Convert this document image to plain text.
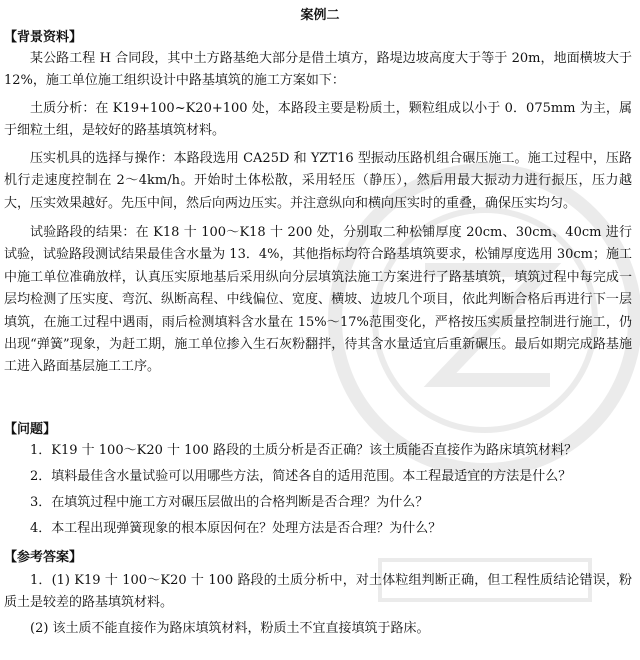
案例二
【背景资料】

某公路工程 H 合同段，其中土方路基绝大部分是借土填方，路堤边坡高度大于等于 20m，地面横坡大于 12%，施工单位施工组织设计中路基填筑的施工方案如下：

土质分析：在 K19+100~K20+100 处，本路段主要是粉质土，颗粒组成以小于 0．075mm 为主，属于细粒土组，是较好的路基填筑材料。

压实机具的选择与操作：本路段选用 CA25D 和 YZT16 型振动压路机组合碾压施工。施工过程中，压路机行走速度控制在 2～4km/h。开始时土体松散，采用轻压（静压），然后用最大振动力进行振压，压力越大，压实效果越好。先压中间，然后向两边压实。并注意纵向和横向压实时的重叠，确保压实均匀。

试验路段的结果：在 K18 十 100～K18 十 200 处，分别取二种松铺厚度 20cm、30cm、40cm 进行试验，试验路段测试结果最佳含水量为 13．4%，其他指标均符合路基填筑要求，松铺厚度选用 30cm；施工中施工单位准确放样，认真压实原地基后采用纵向分层填筑法施工方案进行了路基填筑，填筑过程中每完成一层均检测了压实度、弯沉、纵断高程、中线偏位、宽度、横坡、边坡几个项目，依此判断合格后再进行下一层填筑，在施工过程中遇雨，雨后检测填料含水量在 15%～17%范围变化，严格按压实质量控制进行施工，仍出现“弹簧”现象，为赶工期，施工单位掺入生石灰粉翻拌，待其含水量适宜后重新碾压。最后如期完成路基施工进入路面基层施工工序。

【问题】

1．K19 十 100～K20 十 100 路段的土质分析是否正确？该土质能否直接作为路床填筑材料？

2．填料最佳含水量试验可以用哪些方法，简述各自的适用范围。本工程最适宜的方法是什么？

3．在填筑过程中施工方对碾压层做出的合格判断是否合理？为什么？

4．本工程出现弹簧现象的根本原因何在？处理方法是否合理？为什么？

【参考答案】

1．(1) K19 十 100～K20 十 100 路段的土质分析中，对土体粒组判断正确，但工程性质结论错误，粉质土是较差的路基填筑材料。

(2) 该土质不能直接作为路床填筑材料，粉质土不宜直接填筑于路床。
